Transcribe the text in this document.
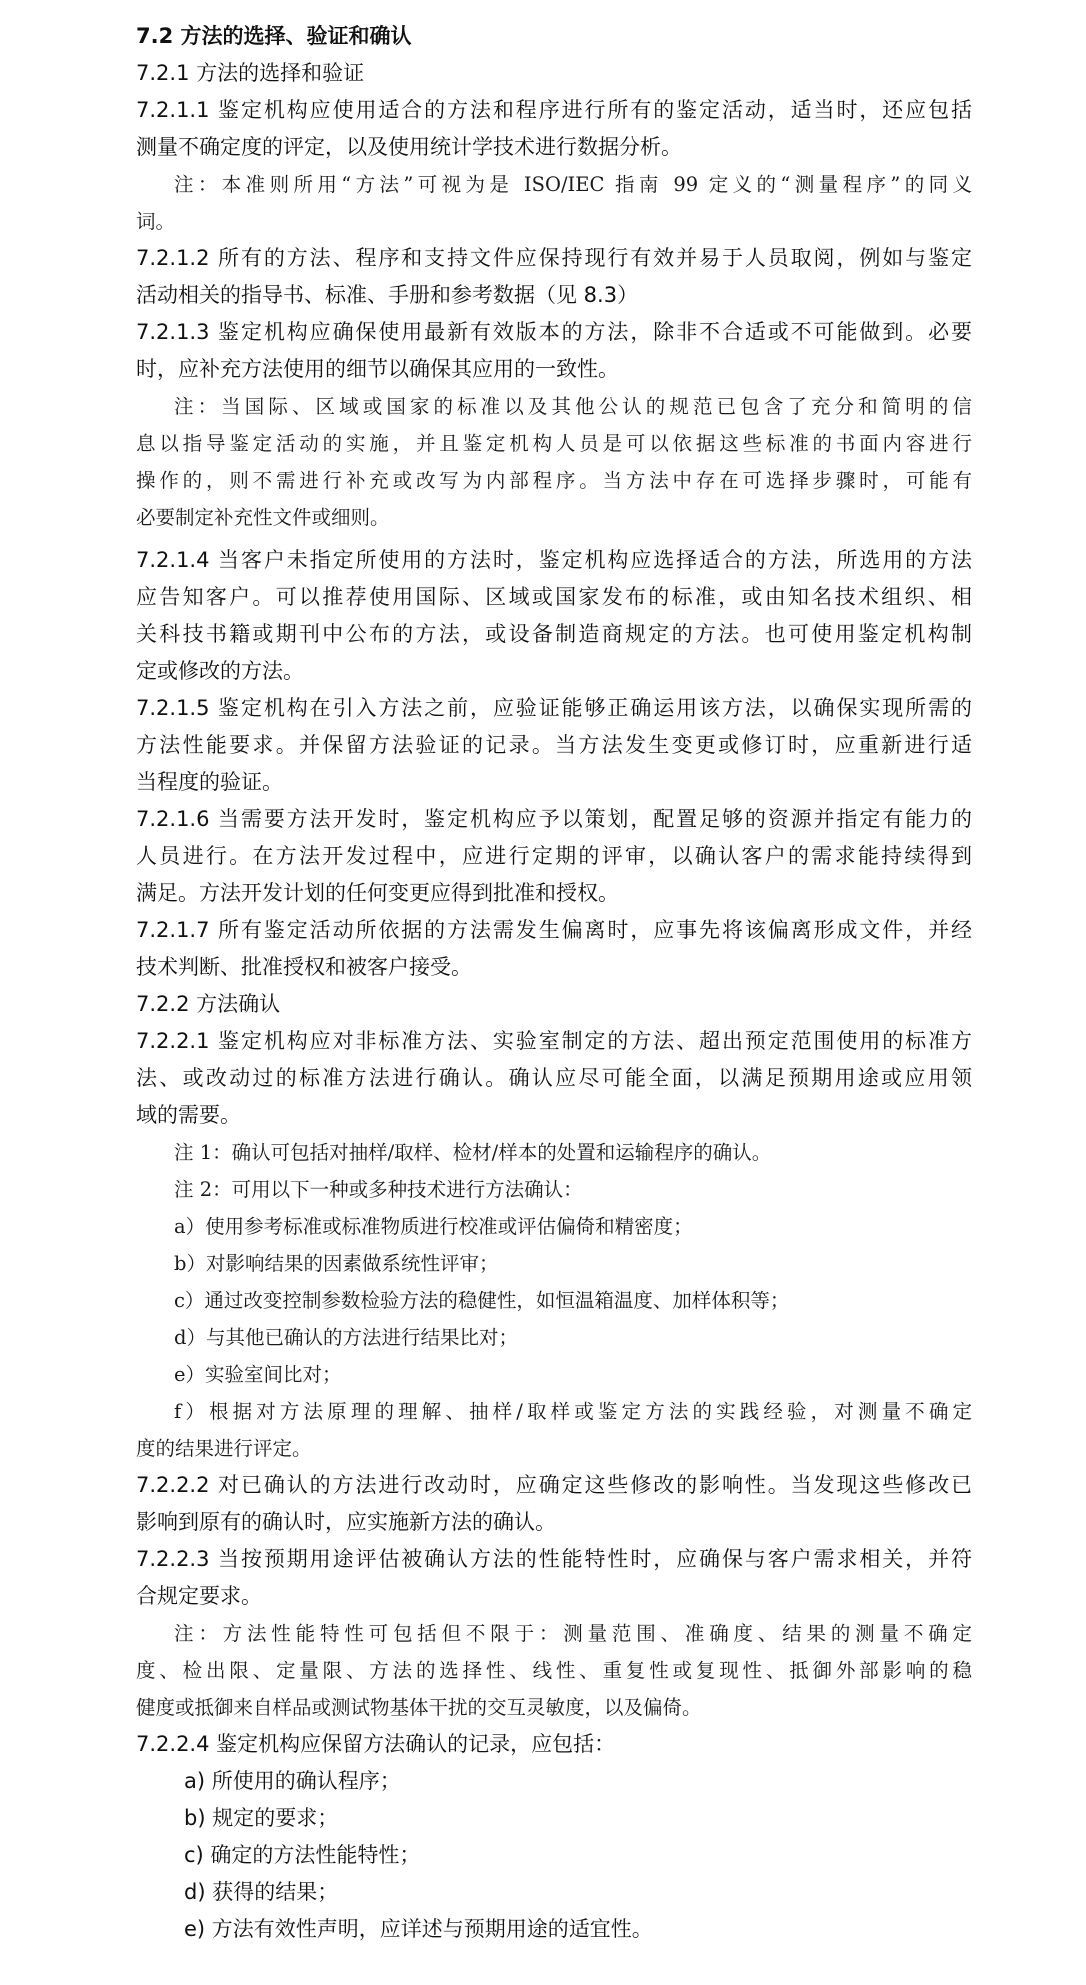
7.2 方法的选择、验证和确认
7.2.1 方法的选择和验证
7.2.1.1 鉴定机构应使用适合的方法和程序进行所有的鉴定活动，适当时，还应包括
测量不确定度的评定，以及使用统计学技术进行数据分析。
注：本准则所用“方法”可视为是 ISO/IEC 指南 99 定义的“测量程序”的同义
词。
7.2.1.2 所有的方法、程序和支持文件应保持现行有效并易于人员取阅，例如与鉴定
活动相关的指导书、标准、手册和参考数据（见 8.3）
7.2.1.3 鉴定机构应确保使用最新有效版本的方法，除非不合适或不可能做到。必要
时，应补充方法使用的细节以确保其应用的一致性。
注：当国际、区域或国家的标准以及其他公认的规范已包含了充分和简明的信
息以指导鉴定活动的实施，并且鉴定机构人员是可以依据这些标准的书面内容进行
操作的，则不需进行补充或改写为内部程序。当方法中存在可选择步骤时，可能有
必要制定补充性文件或细则。
7.2.1.4 当客户未指定所使用的方法时，鉴定机构应选择适合的方法，所选用的方法
应告知客户。可以推荐使用国际、区域或国家发布的标准，或由知名技术组织、相
关科技书籍或期刊中公布的方法，或设备制造商规定的方法。也可使用鉴定机构制
定或修改的方法。
7.2.1.5 鉴定机构在引入方法之前，应验证能够正确运用该方法，以确保实现所需的
方法性能要求。并保留方法验证的记录。当方法发生变更或修订时，应重新进行适
当程度的验证。
7.2.1.6 当需要方法开发时，鉴定机构应予以策划，配置足够的资源并指定有能力的
人员进行。在方法开发过程中，应进行定期的评审，以确认客户的需求能持续得到
满足。方法开发计划的任何变更应得到批准和授权。
7.2.1.7 所有鉴定活动所依据的方法需发生偏离时，应事先将该偏离形成文件，并经
技术判断、批准授权和被客户接受。
7.2.2 方法确认
7.2.2.1 鉴定机构应对非标准方法、实验室制定的方法、超出预定范围使用的标准方
法、或改动过的标准方法进行确认。确认应尽可能全面，以满足预期用途或应用领
域的需要。
注 1：确认可包括对抽样/取样、检材/样本的处置和运输程序的确认。
注 2：可用以下一种或多种技术进行方法确认：
a）使用参考标准或标准物质进行校准或评估偏倚和精密度；
b）对影响结果的因素做系统性评审；
c）通过改变控制参数检验方法的稳健性，如恒温箱温度、加样体积等；
d）与其他已确认的方法进行结果比对；
e）实验室间比对；
f）根据对方法原理的理解、抽样/取样或鉴定方法的实践经验，对测量不确定
度的结果进行评定。
7.2.2.2 对已确认的方法进行改动时，应确定这些修改的影响性。当发现这些修改已
影响到原有的确认时，应实施新方法的确认。
7.2.2.3 当按预期用途评估被确认方法的性能特性时，应确保与客户需求相关，并符
合规定要求。
注：方法性能特性可包括但不限于：测量范围、准确度、结果的测量不确定
度、检出限、定量限、方法的选择性、线性、重复性或复现性、抵御外部影响的稳
健度或抵御来自样品或测试物基体干扰的交互灵敏度，以及偏倚。
7.2.2.4 鉴定机构应保留方法确认的记录，应包括：
a) 所使用的确认程序；
b) 规定的要求；
c) 确定的方法性能特性；
d) 获得的结果；
e) 方法有效性声明，应详述与预期用途的适宜性。
